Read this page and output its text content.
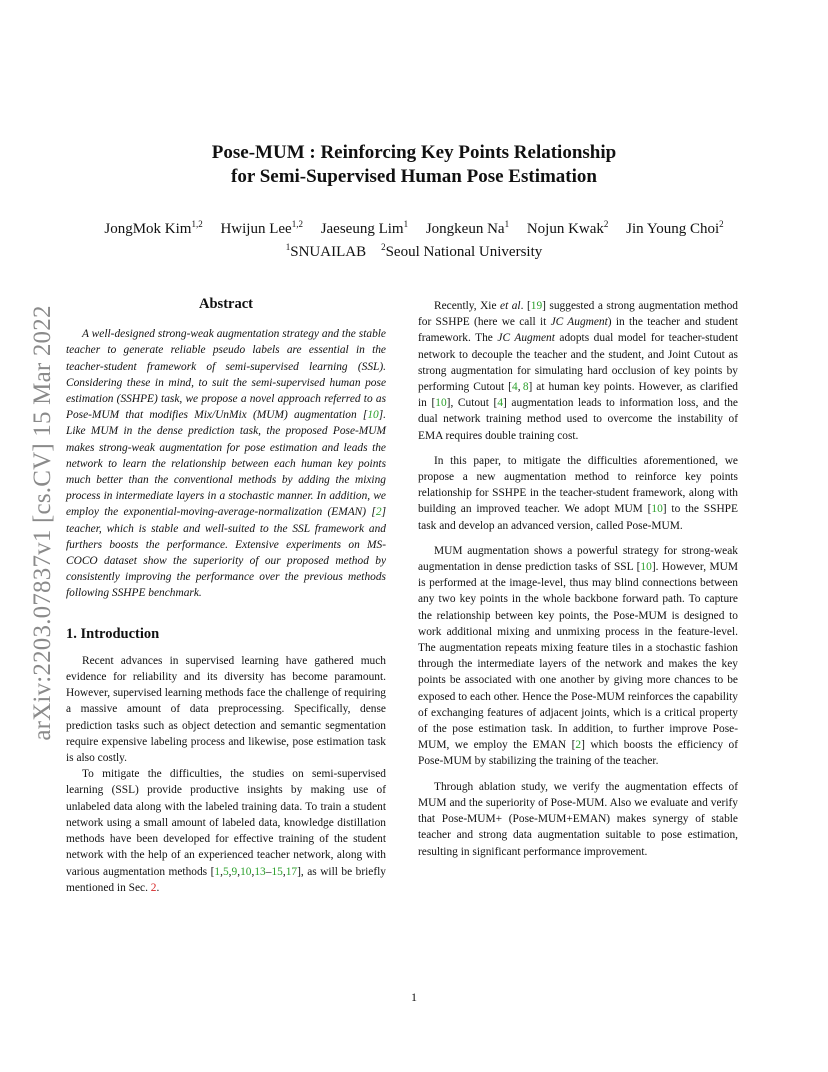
arXiv:2203.07837v1 [cs.CV] 15 Mar 2022
Pose-MUM : Reinforcing Key Points Relationship
for Semi-Supervised Human Pose Estimation
JongMok Kim$^{1,2}$ Hwijun Lee$^{1,2}$ Jaeseung Lim$^1$ Jongkeun Na$^1$ Nojun Kwak$^2$ Jin Young Choi$^2$
$^1$SNUAILAB $^2$Seoul National University
Abstract

A well-designed strong-weak augmentation strategy and the stable teacher to generate reliable pseudo labels are essential in the teacher-student framework of semi-supervised learning (SSL). Considering these in mind, to suit the semi-supervised human pose estimation (SSHPE) task, we propose a novel approach referred to as Pose-MUM that modifies Mix/UnMix (MUM) augmentation [10]. Like MUM in the dense prediction task, the proposed Pose-MUM makes strong-weak augmentation for pose estimation and leads the network to learn the relationship between each human key points much better than the conventional methods by adding the mixing process in intermediate layers in a stochastic manner. In addition, we employ the exponential-moving-average-normalization (EMAN) [2] teacher, which is stable and well-suited to the SSL framework and furthers boosts the performance. Extensive experiments on MS-COCO dataset show the superiority of our proposed method by consistently improving the performance over the previous methods following SSHPE benchmark.

1. Introduction

Recent advances in supervised learning have gathered much evidence for reliability and its diversity has become paramount. However, supervised learning methods face the challenge of requiring a massive amount of data preprocessing. Specifically, dense prediction tasks such as object detection and semantic segmentation require expensive labeling process and likewise, pose estimation task is also costly.

To mitigate the difficulties, the studies on semi-supervised learning (SSL) provide productive insights by making use of unlabeled data along with the labeled training data. To train a student network using a small amount of labeled data, knowledge distillation methods have been developed for effective training of the student network with the help of an experienced teacher network, along with various augmentation methods [1,5,9,10,13–15,17], as will be briefly mentioned in Sec. 2.

Recently, Xie et al. [19] suggested a strong augmentation method for SSHPE (here we call it JC Augment) in the teacher and student framework. The JC Augment adopts dual model for teacher-student network to decouple the teacher and the student, and Joint Cutout as strong augmentation for simulating hard occlusion of key points by performing Cutout [4, 8] at human key points. However, as clarified in [10], Cutout [4] augmentation leads to information loss, and the dual network training method used to overcome the instability of EMA requires double training cost.

In this paper, to mitigate the difficulties aforementioned, we propose a new augmentation method to reinforce key points relationship for SSHPE in the teacher-student framework, along with building an improved teacher. We adopt MUM [10] to the SSHPE task and develop an advanced version, called Pose-MUM.

MUM augmentation shows a powerful strategy for strong-weak augmentation in dense prediction tasks of SSL [10]. However, MUM is performed at the image-level, thus may blind connections between any two key points in the whole backbone forward path. To capture the relationship between key points, the Pose-MUM is designed to work additional mixing and unmixing process in the feature-level. The augmentation repeats mixing feature tiles in a stochastic fashion through the intermediate layers of the network and makes the key points be associated with one another by giving more chances to be exposed to each other. Hence the Pose-MUM reinforces the capability of exchanging features of adjacent joints, which is a critical property of the pose estimation task. In addition, to further improve Pose-MUM, we employ the EMAN [2] which boosts the efficiency of Pose-MUM by stabilizing the training of the teacher.

Through ablation study, we verify the augmentation effects of MUM and the superiority of Pose-MUM. Also we evaluate and verify that Pose-MUM+ (Pose-MUM+EMAN) makes synergy of stable teacher and strong data augmentation suitable to pose estimation, resulting in significant performance improvement.

1
